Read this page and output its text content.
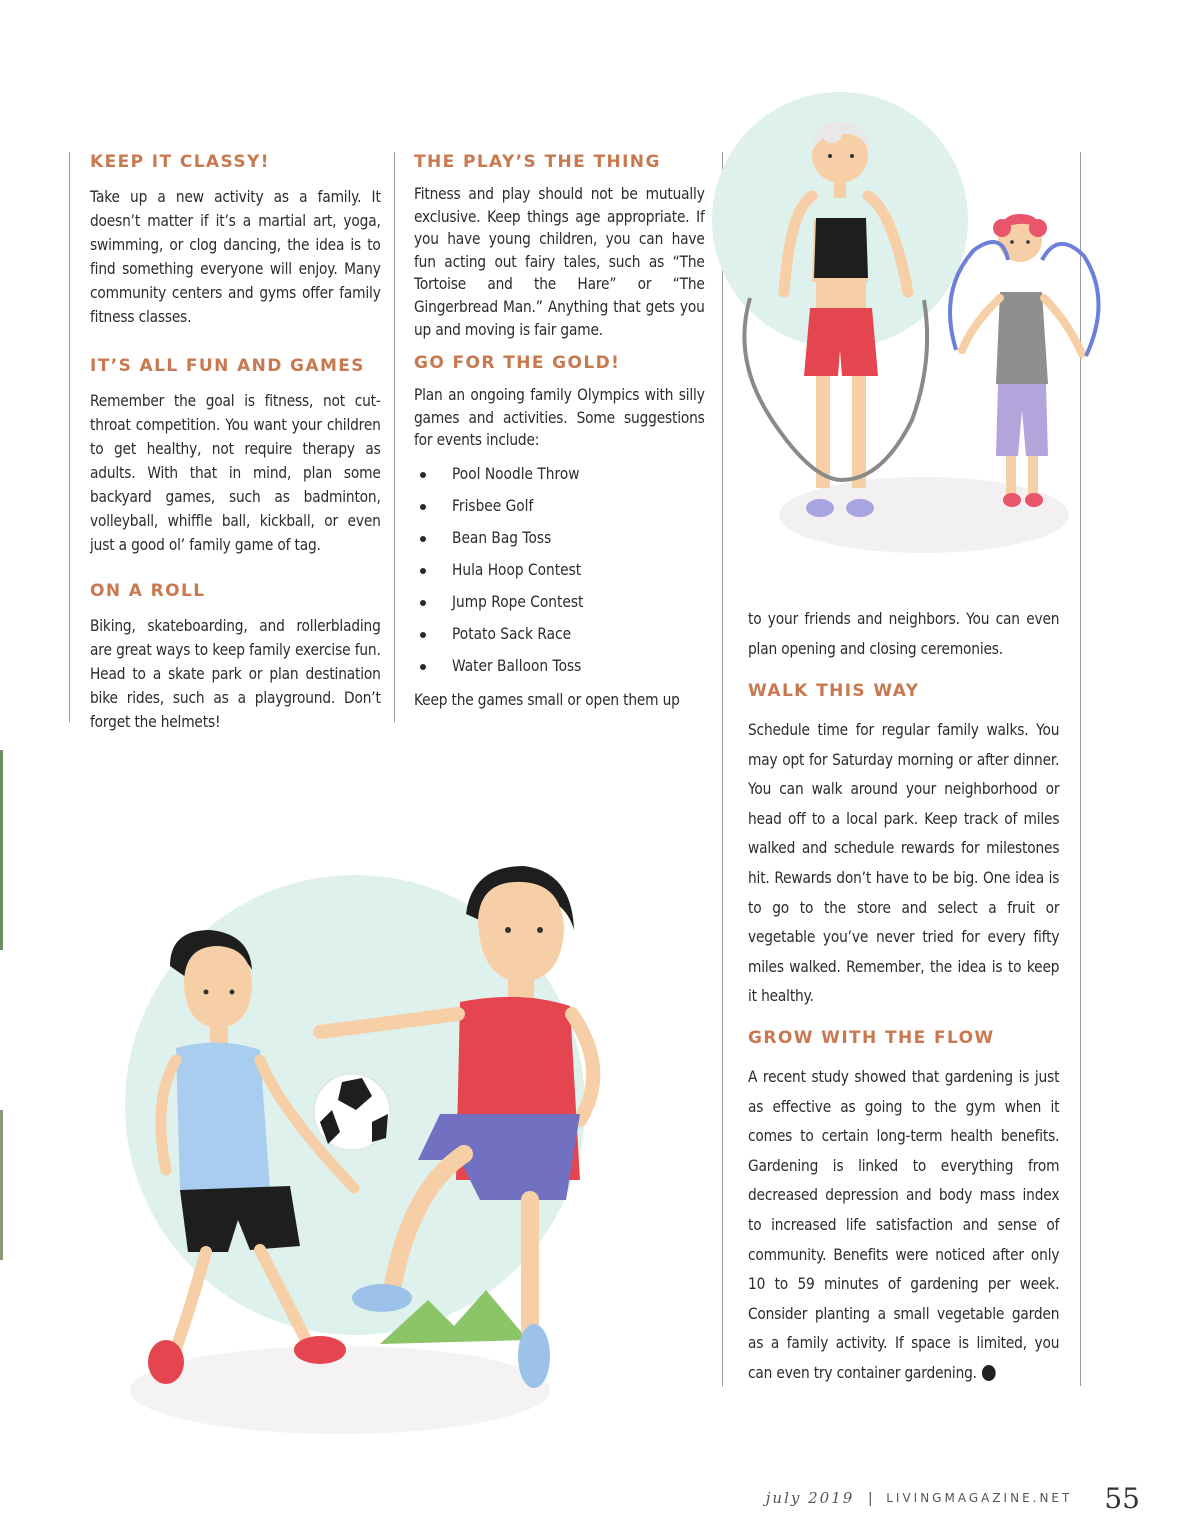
KEEP IT CLASSY!

Take up a new activity as a family. It doesn’t matter if it’s a martial art, yoga, swimming, or clog dancing, the idea is to find something everyone will enjoy. Many community centers and gyms offer family fitness classes.

IT’S ALL FUN AND GAMES

Remember the goal is fitness, not cut-throat competition. You want your children to get healthy, not require therapy as adults. With that in mind, plan some backyard games, such as badminton, volleyball, whiffle ball, kickball, or even just a good ol’ family game of tag.

ON A ROLL

Biking, skateboarding, and rollerblading are great ways to keep family exercise fun. Head to a skate park or plan destination bike rides, such as a playground. Don’t forget the helmets!

THE PLAY’S THE THING

Fitness and play should not be mutually exclusive. Keep things age appropriate. If you have young children, you can have fun acting out fairy tales, such as “The Tortoise and the Hare” or “The Gingerbread Man.” Anything that gets you up and moving is fair game.

GO FOR THE GOLD!

Plan an ongoing family Olympics with silly games and activities. Some suggestions for events include:

Pool Noodle Throw
Frisbee Golf
Bean Bag Toss
Hula Hoop Contest
Jump Rope Contest
Potato Sack Race
Water Balloon Toss

Keep the games small or open them up

to your friends and neighbors. You can even plan opening and closing ceremonies.

WALK THIS WAY

Schedule time for regular family walks. You may opt for Saturday morning or after dinner. You can walk around your neighborhood or head off to a local park. Keep track of miles walked and schedule rewards for milestones hit. Rewards don’t have to be big. One idea is to go to the store and select a fruit or vegetable you’ve never tried for every fifty miles walked. Remember, the idea is to keep it healthy.

GROW WITH THE FLOW

A recent study showed that gardening is just as effective as going to the gym when it comes to certain long-term health benefits. Gardening is linked to everything from decreased depression and body mass index to increased life satisfaction and sense of community. Benefits were noticed after only 10 to 59 minutes of gardening per week. Consider planting a small vegetable garden as a family activity. If space is limited, you can even try container gardening.

july 2019 | LIVINGMAGAZINE.NET 55
